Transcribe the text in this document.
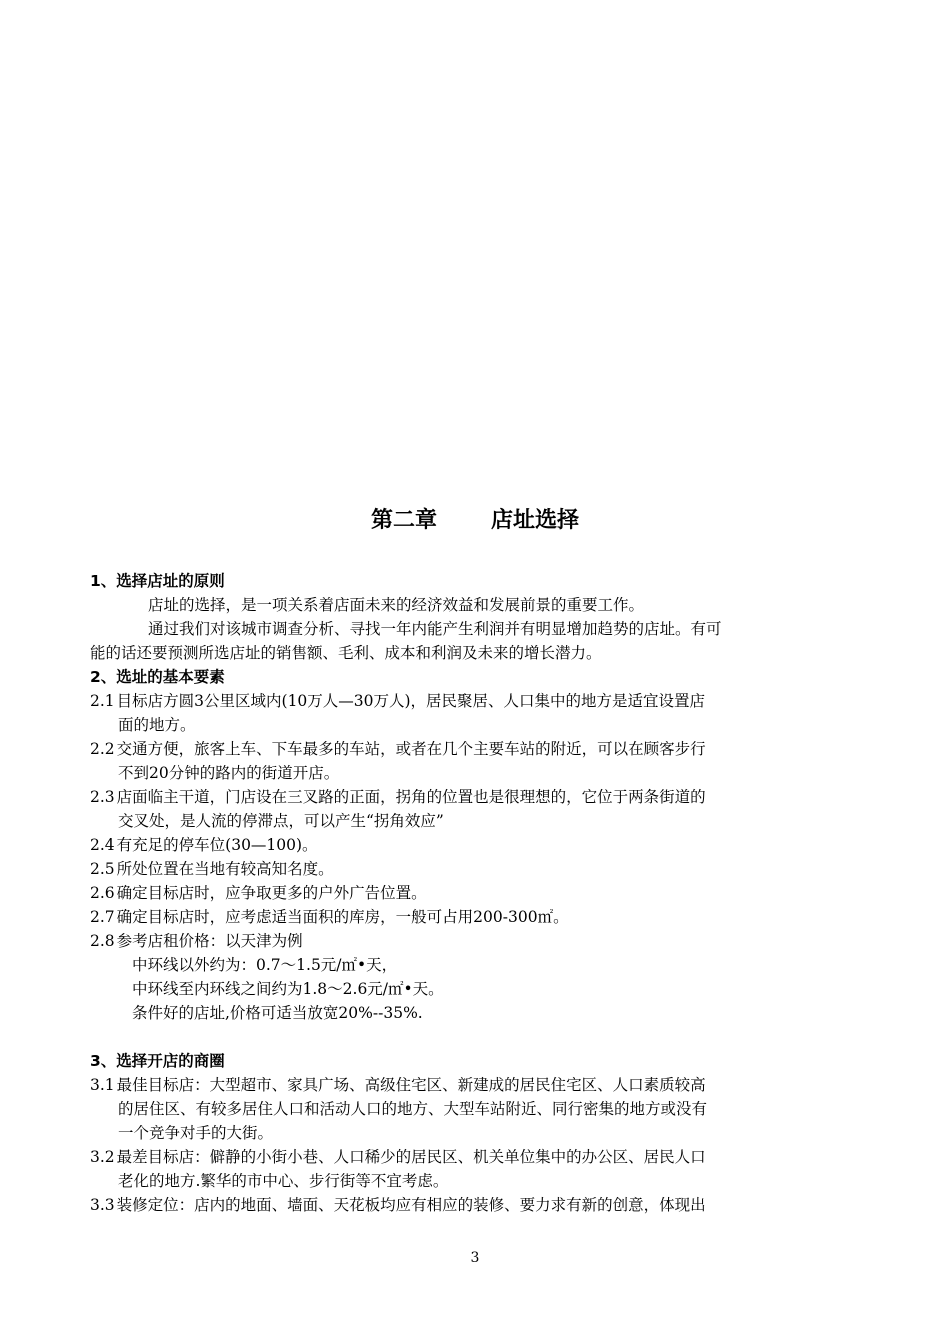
第二章 店址选择
1、选择店址的原则
店址的选择，是一项关系着店面未来的经济效益和发展前景的重要工作。
通过我们对该城市调查分析、寻找一年内能产生利润并有明显增加趋势的店址。有可
能的话还要预测所选店址的销售额、毛利、成本和利润及未来的增长潜力。
2、选址的基本要素
2.1 目标店方圆3公里区域内(10万人—30万人)，居民聚居、人口集中的地方是适宜设置店
面的地方。
2.2 交通方便，旅客上车、下车最多的车站，或者在几个主要车站的附近，可以在顾客步行
不到20分钟的路内的街道开店。
2.3 店面临主干道，门店设在三叉路的正面，拐角的位置也是很理想的，它位于两条街道的
交叉处，是人流的停滞点，可以产生“拐角效应”
2.4 有充足的停车位(30—100)。
2.5 所处位置在当地有较高知名度。
2.6 确定目标店时，应争取更多的户外广告位置。
2.7 确定目标店时，应考虑适当面积的库房，一般可占用200-300㎡。
2.8 参考店租价格：以天津为例
中环线以外约为：0.7～1.5元/㎡•天，
中环线至内环线之间约为1.8～2.6元/㎡•天。
条件好的店址,价格可适当放宽20%--35%.
3、选择开店的商圈
3.1 最佳目标店：大型超市、家具广场、高级住宅区、新建成的居民住宅区、人口素质较高
的居住区、有较多居住人口和活动人口的地方、大型车站附近、同行密集的地方或没有
一个竞争对手的大街。
3.2 最差目标店：僻静的小街小巷、人口稀少的居民区、机关单位集中的办公区、居民人口
老化的地方.繁华的市中心、步行街等不宜考虑。
3.3 装修定位：店内的地面、墙面、天花板均应有相应的装修、要力求有新的创意，体现出
3
